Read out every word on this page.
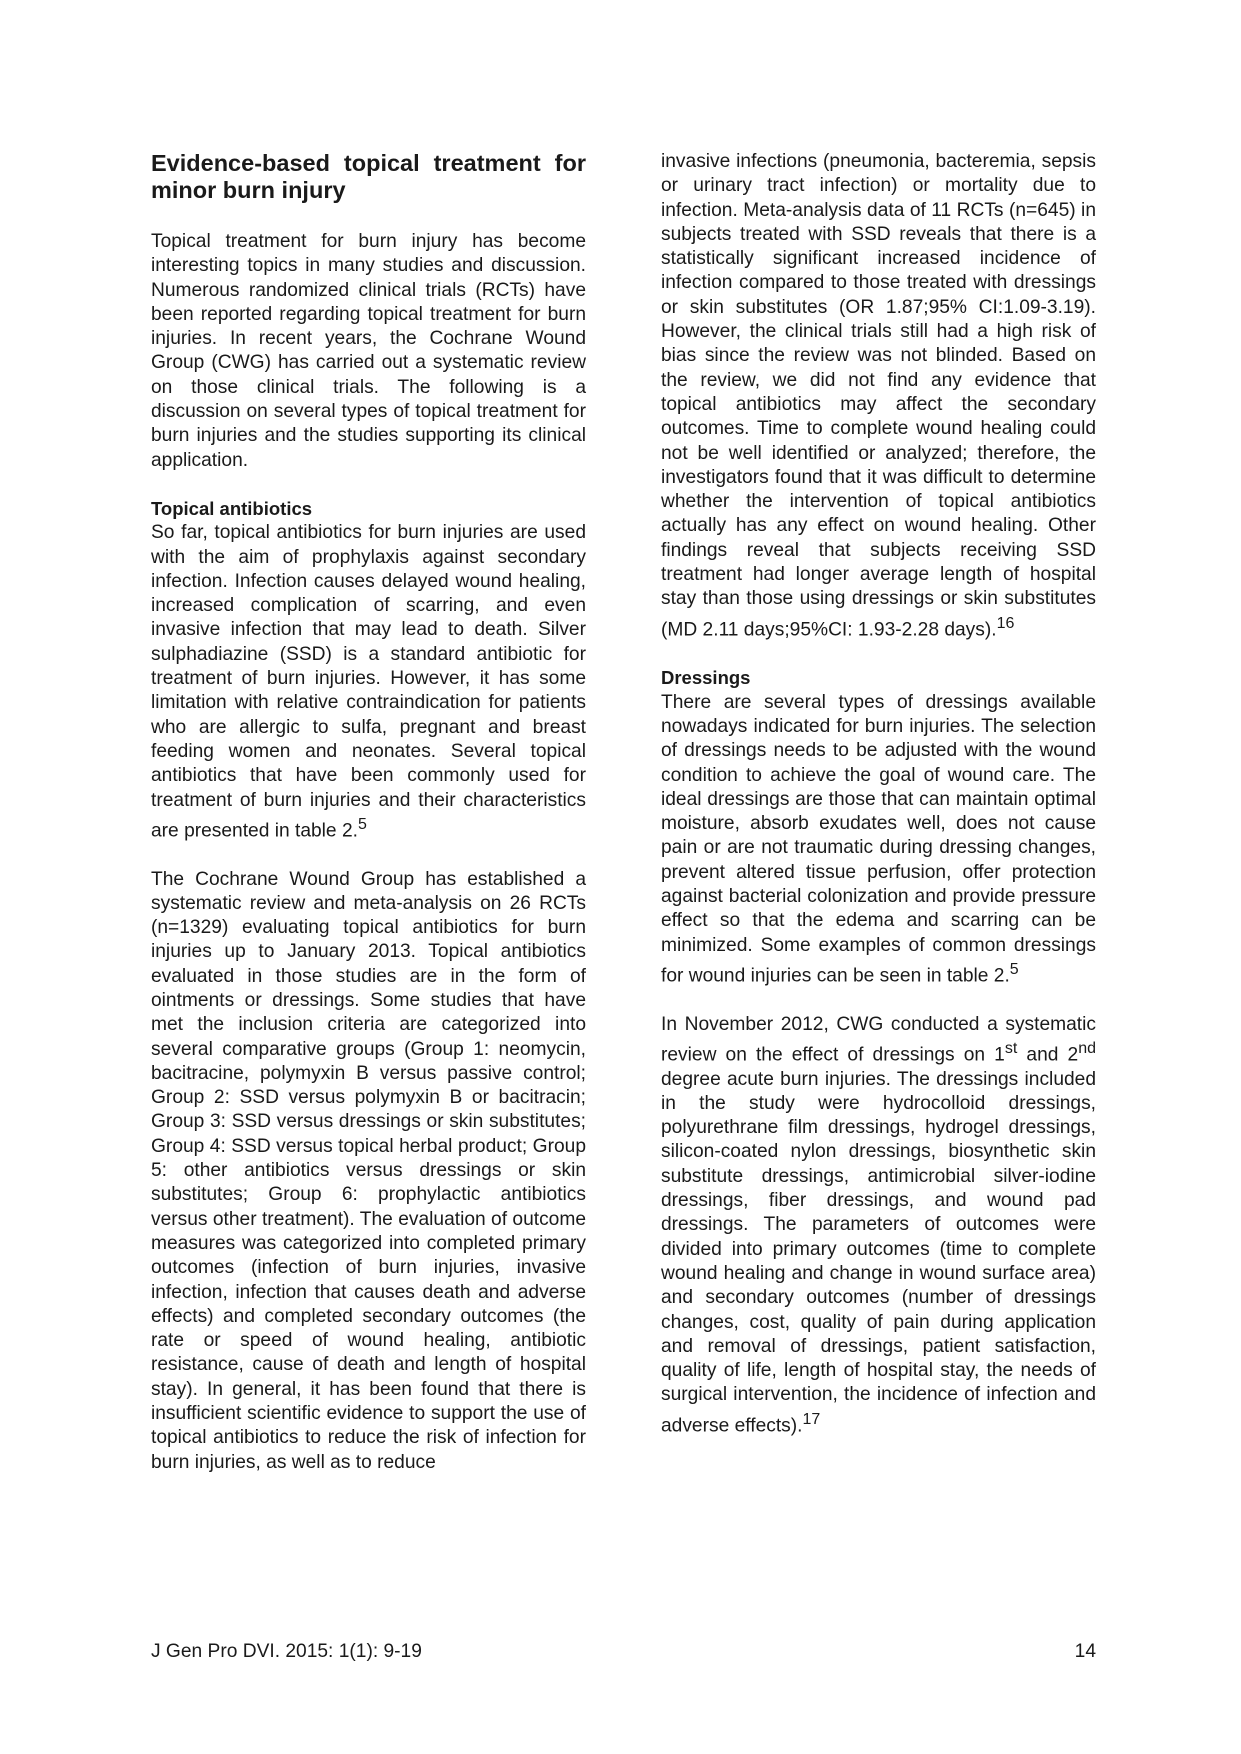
Evidence-based topical treatment for minor burn injury

Topical treatment for burn injury has become interesting topics in many studies and discussion. Numerous randomized clinical trials (RCTs) have been reported regarding topical treatment for burn injuries. In recent years, the Cochrane Wound Group (CWG) has carried out a systematic review on those clinical trials. The following is a discussion on several types of topical treatment for burn injuries and the studies supporting its clinical application.

Topical antibiotics

So far, topical antibiotics for burn injuries are used with the aim of prophylaxis against secondary infection. Infection causes delayed wound healing, increased complication of scarring, and even invasive infection that may lead to death. Silver sulphadiazine (SSD) is a standard antibiotic for treatment of burn injuries. However, it has some limitation with relative contraindication for patients who are allergic to sulfa, pregnant and breast feeding women and neonates. Several topical antibiotics that have been commonly used for treatment of burn injuries and their characteristics are presented in table 2.$^5$

The Cochrane Wound Group has established a systematic review and meta-analysis on 26 RCTs (n=1329) evaluating topical antibiotics for burn injuries up to January 2013. Topical antibiotics evaluated in those studies are in the form of ointments or dressings. Some studies that have met the inclusion criteria are categorized into several comparative groups (Group 1: neomycin, bacitracine, polymyxin B versus passive control; Group 2: SSD versus polymyxin B or bacitracin; Group 3: SSD versus dressings or skin substitutes; Group 4: SSD versus topical herbal product; Group 5: other antibiotics versus dressings or skin substitutes; Group 6: prophylactic antibiotics versus other treatment). The evaluation of outcome measures was categorized into completed primary outcomes (infection of burn injuries, invasive infection, infection that causes death and adverse effects) and completed secondary outcomes (the rate or speed of wound healing, antibiotic resistance, cause of death and length of hospital stay). In general, it has been found that there is insufficient scientific evidence to support the use of topical antibiotics to reduce the risk of infection for burn injuries, as well as to reduce

invasive infections (pneumonia, bacteremia, sepsis or urinary tract infection) or mortality due to infection. Meta-analysis data of 11 RCTs (n=645) in subjects treated with SSD reveals that there is a statistically significant increased incidence of infection compared to those treated with dressings or skin substitutes (OR 1.87;95% CI:1.09-3.19). However, the clinical trials still had a high risk of bias since the review was not blinded. Based on the review, we did not find any evidence that topical antibiotics may affect the secondary outcomes. Time to complete wound healing could not be well identified or analyzed; therefore, the investigators found that it was difficult to determine whether the intervention of topical antibiotics actually has any effect on wound healing. Other findings reveal that subjects receiving SSD treatment had longer average length of hospital stay than those using dressings or skin substitutes (MD 2.11 days;95%CI: 1.93-2.28 days).$^{16}$

Dressings

There are several types of dressings available nowadays indicated for burn injuries. The selection of dressings needs to be adjusted with the wound condition to achieve the goal of wound care. The ideal dressings are those that can maintain optimal moisture, absorb exudates well, does not cause pain or are not traumatic during dressing changes, prevent altered tissue perfusion, offer protection against bacterial colonization and provide pressure effect so that the edema and scarring can be minimized. Some examples of common dressings for wound injuries can be seen in table 2.$^5$

In November 2012, CWG conducted a systematic review on the effect of dressings on 1st and 2nd degree acute burn injuries. The dressings included in the study were hydrocolloid dressings, polyurethrane film dressings, hydrogel dressings, silicon-coated nylon dressings, biosynthetic skin substitute dressings, antimicrobial silver-iodine dressings, fiber dressings, and wound pad dressings. The parameters of outcomes were divided into primary outcomes (time to complete wound healing and change in wound surface area) and secondary outcomes (number of dressings changes, cost, quality of pain during application and removal of dressings, patient satisfaction, quality of life, length of hospital stay, the needs of surgical intervention, the incidence of infection and adverse effects).$^{17}$

J Gen Pro DVI. 2015: 1(1): 9-19	14
